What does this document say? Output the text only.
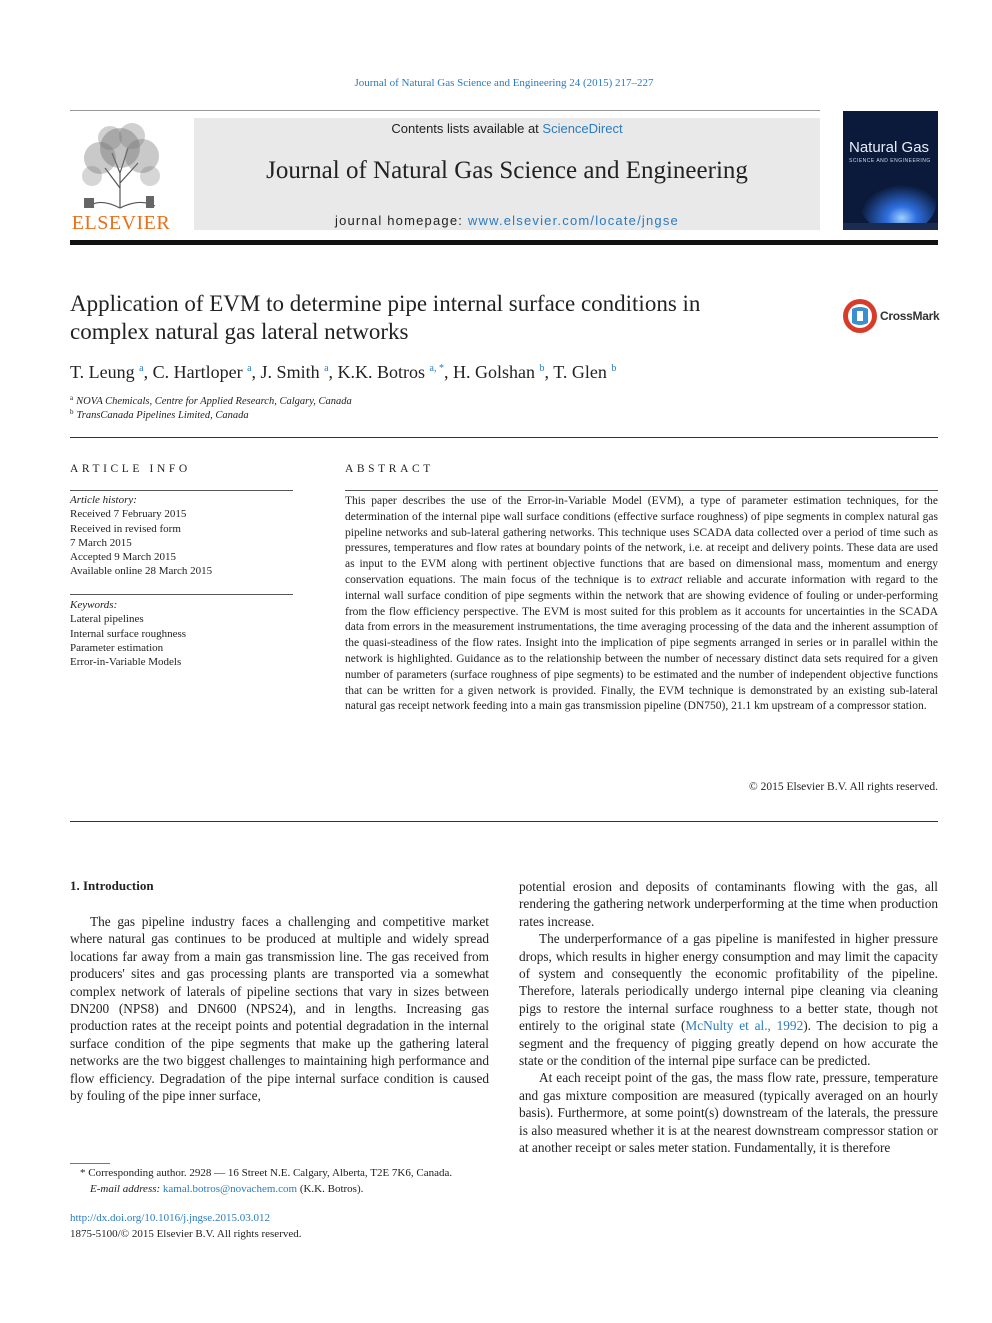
Journal of Natural Gas Science and Engineering 24 (2015) 217–227
ELSEVIER
Contents lists available at ScienceDirect
Journal of Natural Gas Science and Engineering
journal homepage: www.elsevier.com/locate/jngse
Natural Gas
SCIENCE AND ENGINEERING
Application of EVM to determine pipe internal surface conditions in
complex natural gas lateral networks
CrossMark
T. Leung $^a$, C. Hartloper $^a$, J. Smith $^a$, K.K. Botros $^{a, *}$, H. Golshan $^b$, T. Glen $^b$
$^a$ NOVA Chemicals, Centre for Applied Research, Calgary, Canada
$^b$ TransCanada Pipelines Limited, Canada
ARTICLE INFO
Article history:
Received 7 February 2015
Received in revised form
7 March 2015
Accepted 9 March 2015
Available online 28 March 2015
Keywords:
Lateral pipelines
Internal surface roughness
Parameter estimation
Error-in-Variable Models
ABSTRACT
This paper describes the use of the Error-in-Variable Model (EVM), a type of parameter estimation techniques, for the determination of the internal pipe wall surface conditions (effective surface roughness) of pipe segments in complex natural gas pipeline networks and sub-lateral gathering networks. This technique uses SCADA data collected over a period of time such as pressures, temperatures and flow rates at boundary points of the network, i.e. at receipt and delivery points. These data are used as input to the EVM along with pertinent objective functions that are based on dimensional mass, momentum and energy conservation equations. The main focus of the technique is to extract reliable and accurate information with regard to the internal wall surface condition of pipe segments within the network that are showing evidence of fouling or under-performing from the flow efficiency perspective. The EVM is most suited for this problem as it accounts for uncertainties in the SCADA data from errors in the measurement instrumentations, the time averaging processing of the data and the inherent assumption of the quasi-steadiness of the flow rates. Insight into the implication of pipe segments arranged in series or in parallel within the network is highlighted. Guidance as to the relationship between the number of necessary distinct data sets required for a given number of parameters (surface roughness of pipe segments) to be estimated and the number of independent objective functions that can be written for a given network is provided. Finally, the EVM technique is demonstrated by an existing sub-lateral natural gas receipt network feeding into a main gas transmission pipeline (DN750), 21.1 km upstream of a compressor station.
© 2015 Elsevier B.V. All rights reserved.
1. Introduction

The gas pipeline industry faces a challenging and competitive market where natural gas continues to be produced at multiple and widely spread locations far away from a main gas transmission line. The gas received from producers' sites and gas processing plants are transported via a somewhat complex network of laterals of pipeline sections that vary in sizes between DN200 (NPS8) and DN600 (NPS24), and in lengths. Increasing gas production rates at the receipt points and potential degradation in the internal surface condition of the pipe segments that make up the gathering lateral networks are the two biggest challenges to maintaining high performance and flow efficiency. Degradation of the pipe internal surface condition is caused by fouling of the pipe inner surface,

potential erosion and deposits of contaminants flowing with the gas, all rendering the gathering network underperforming at the time when production rates increase.

The underperformance of a gas pipeline is manifested in higher pressure drops, which results in higher energy consumption and may limit the capacity of system and consequently the economic profitability of the pipeline. Therefore, laterals periodically undergo internal pipe cleaning via cleaning pigs to restore the internal surface roughness to a better state, though not entirely to the original state (McNulty et al., 1992). The decision to pig a segment and the frequency of pigging greatly depend on how accurate the state or the condition of the internal pipe surface can be predicted.

At each receipt point of the gas, the mass flow rate, pressure, temperature and gas mixture composition are measured (typically averaged on an hourly basis). Furthermore, at some point(s) downstream of the laterals, the pressure is also measured whether it is at the nearest downstream compressor station or at another receipt or sales meter station. Fundamentally, it is therefore

* Corresponding author. 2928 — 16 Street N.E. Calgary, Alberta, T2E 7K6, Canada.
E-mail address: kamal.botros@novachem.com (K.K. Botros).
http://dx.doi.org/10.1016/j.jngse.2015.03.012
1875-5100/© 2015 Elsevier B.V. All rights reserved.
